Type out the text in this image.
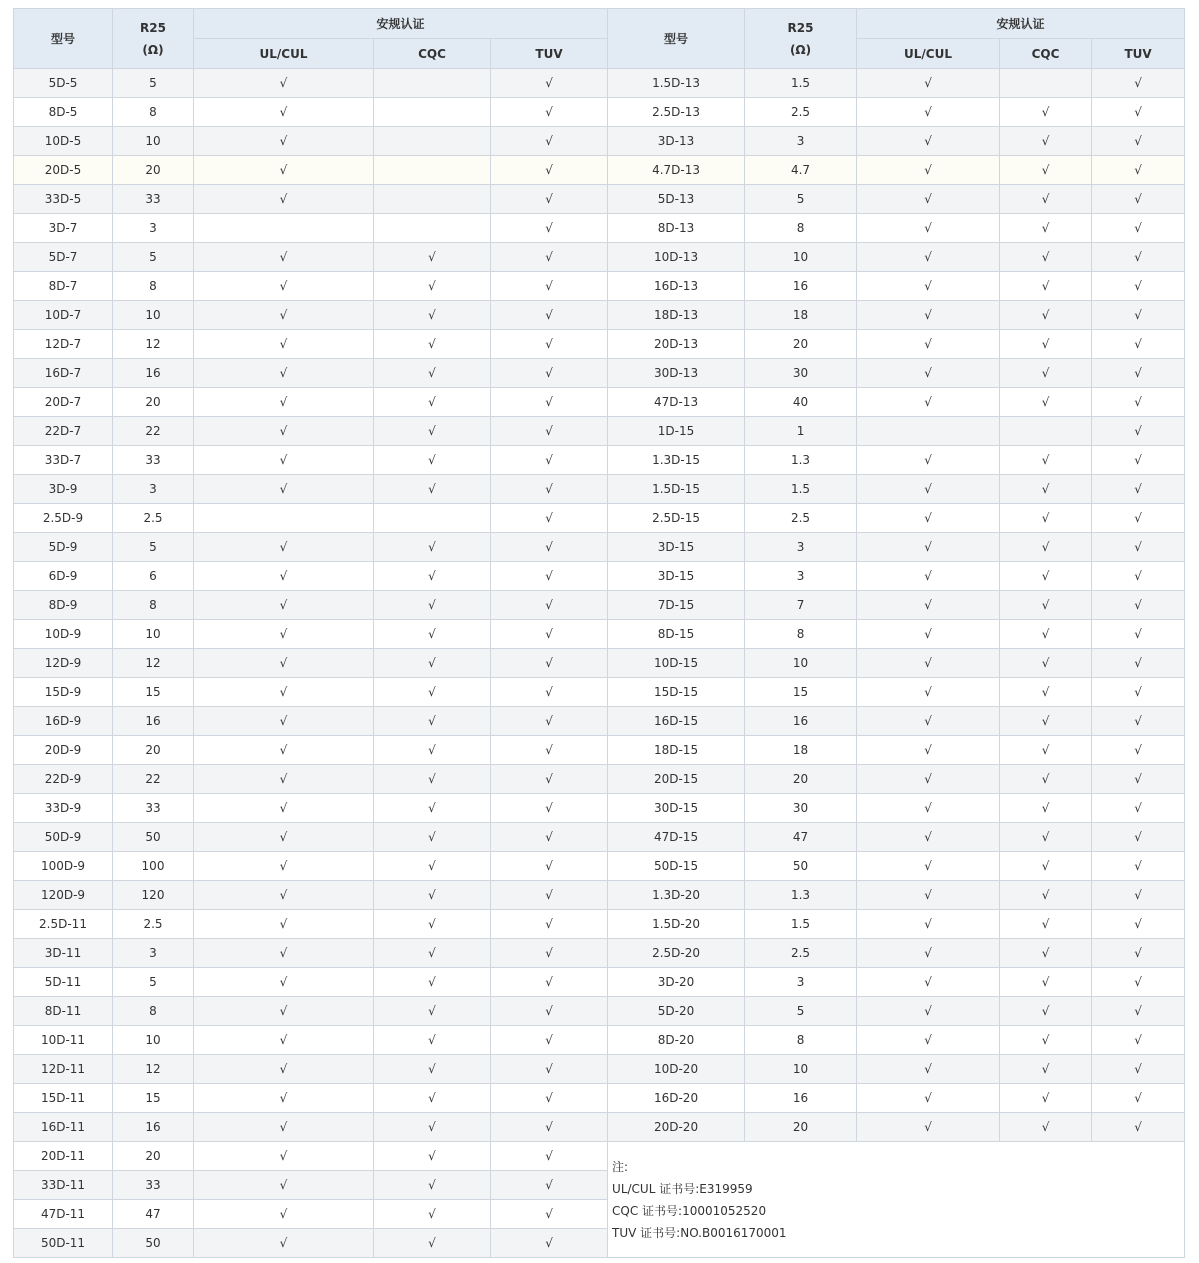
型号	R25
(Ω)	安规认证			型号	R25
(Ω)	安规认证		
		UL/CUL	CQC	TUV			UL/CUL	CQC	TUV
5D-5	5	√		√	1.5D-13	1.5	√		√
8D-5	8	√		√	2.5D-13	2.5	√	√	√
10D-5	10	√		√	3D-13	3	√	√	√
20D-5	20	√		√	4.7D-13	4.7	√	√	√
33D-5	33	√		√	5D-13	5	√	√	√
3D-7	3			√	8D-13	8	√	√	√
5D-7	5	√	√	√	10D-13	10	√	√	√
8D-7	8	√	√	√	16D-13	16	√	√	√
10D-7	10	√	√	√	18D-13	18	√	√	√
12D-7	12	√	√	√	20D-13	20	√	√	√
16D-7	16	√	√	√	30D-13	30	√	√	√
20D-7	20	√	√	√	47D-13	40	√	√	√
22D-7	22	√	√	√	1D-15	1			√
33D-7	33	√	√	√	1.3D-15	1.3	√	√	√
3D-9	3	√	√	√	1.5D-15	1.5	√	√	√
2.5D-9	2.5			√	2.5D-15	2.5	√	√	√
5D-9	5	√	√	√	3D-15	3	√	√	√
6D-9	6	√	√	√	3D-15	3	√	√	√
8D-9	8	√	√	√	7D-15	7	√	√	√
10D-9	10	√	√	√	8D-15	8	√	√	√
12D-9	12	√	√	√	10D-15	10	√	√	√
15D-9	15	√	√	√	15D-15	15	√	√	√
16D-9	16	√	√	√	16D-15	16	√	√	√
20D-9	20	√	√	√	18D-15	18	√	√	√
22D-9	22	√	√	√	20D-15	20	√	√	√
33D-9	33	√	√	√	30D-15	30	√	√	√
50D-9	50	√	√	√	47D-15	47	√	√	√
100D-9	100	√	√	√	50D-15	50	√	√	√
120D-9	120	√	√	√	1.3D-20	1.3	√	√	√
2.5D-11	2.5	√	√	√	1.5D-20	1.5	√	√	√
3D-11	3	√	√	√	2.5D-20	2.5	√	√	√
5D-11	5	√	√	√	3D-20	3	√	√	√
8D-11	8	√	√	√	5D-20	5	√	√	√
10D-11	10	√	√	√	8D-20	8	√	√	√
12D-11	12	√	√	√	10D-20	10	√	√	√
15D-11	15	√	√	√	16D-20	16	√	√	√
16D-11	16	√	√	√	20D-20	20	√	√	√
20D-11	20	√	√	√	注:
UL/CUL 证书号:E319959
CQC 证书号:10001052520
TUV 证书号:NO.B0016170001				

33D-11	33	√	√	√					
47D-11	47	√	√	√					
50D-11	50	√	√	√					
